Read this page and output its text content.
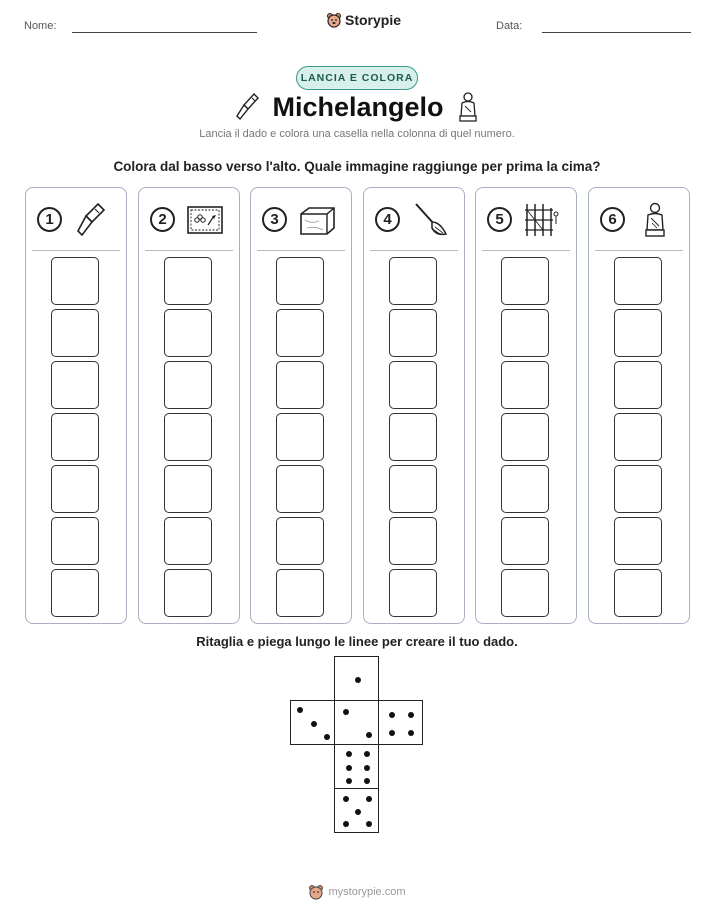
Nome:	Storypie	Data:
LANCIA E COLORA
Michelangelo
Lancia il dado e colora una casella nella colonna di quel numero.
Colora dal basso verso l'alto. Quale immagine raggiunge per prima la cima?
1	2	3	4	5	6
Ritaglia e piega lungo le linee per creare il tuo dado.
mystorypie.com
